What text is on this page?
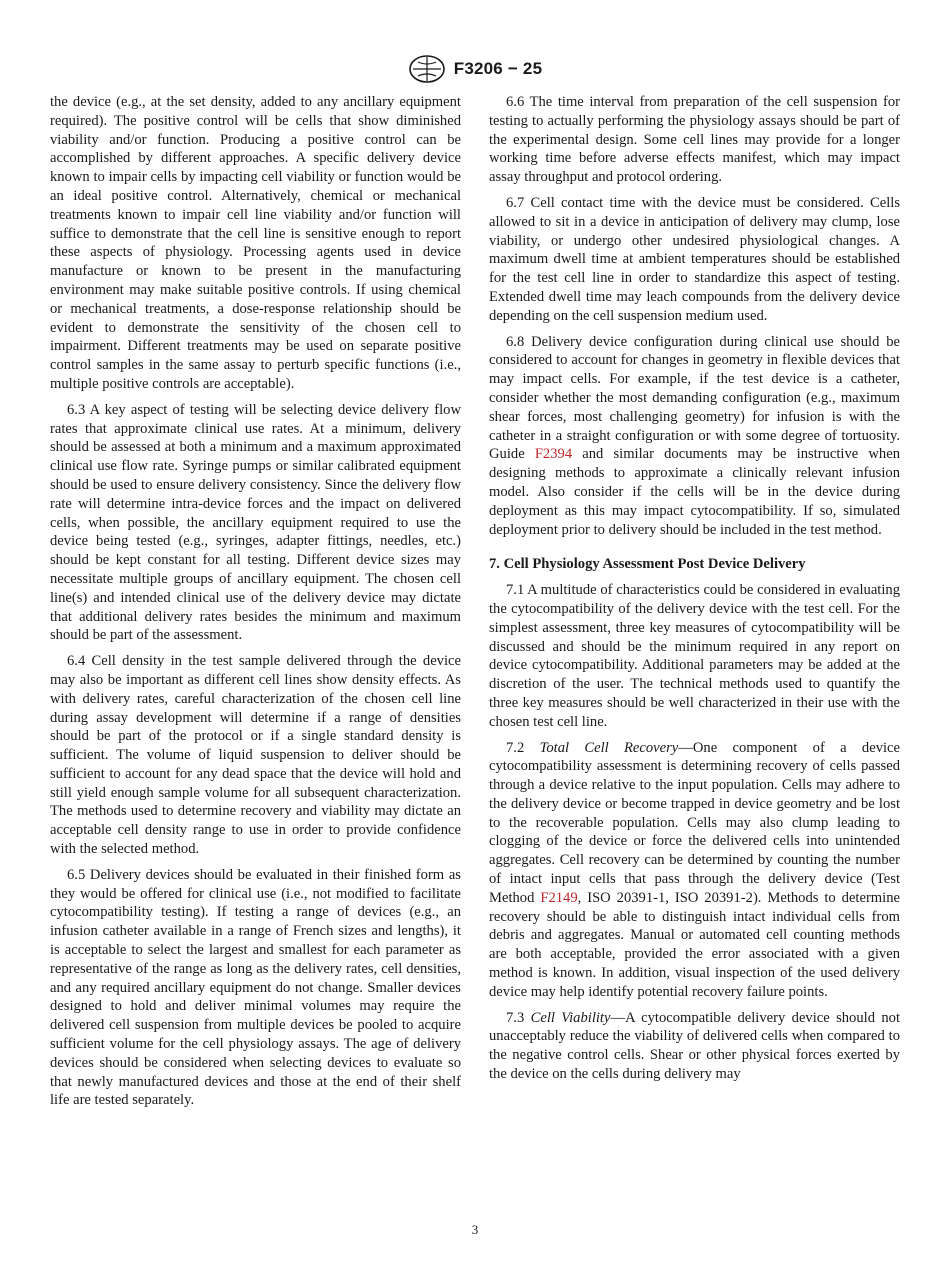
F3206 − 25

the device (e.g., at the set density, added to any ancillary equipment required). The positive control will be cells that show diminished viability and/or function. Producing a positive control can be accomplished by different approaches. A specific delivery device known to impair cells by impacting cell viability or function would be an ideal positive control. Alternatively, chemical or mechanical treatments known to impair cell line viability and/or function will suffice to demonstrate that the cell line is sensitive enough to report these aspects of physiology. Processing agents used in device manufacture or known to be present in the manufacturing environment may make suitable positive controls. If using chemical or mechanical treatments, a dose-response relationship should be evident to demonstrate the sensitivity of the chosen cell to impairment. Different treatments may be used on separate positive control samples in the same assay to perturb specific functions (i.e., multiple positive controls are acceptable).

6.3 A key aspect of testing will be selecting device delivery flow rates that approximate clinical use rates. At a minimum, delivery should be assessed at both a minimum and a maximum approximated clinical use flow rate. Syringe pumps or similar calibrated equipment should be used to ensure delivery consistency. Since the delivery flow rate will determine intra-device forces and the impact on delivered cells, when possible, the ancillary equipment required to use the device being tested (e.g., syringes, adapter fittings, needles, etc.) should be kept constant for all testing. Different device sizes may necessitate multiple groups of ancillary equipment. The chosen cell line(s) and intended clinical use of the delivery device may dictate that additional delivery rates besides the minimum and maximum should be part of the assessment.

6.4 Cell density in the test sample delivered through the device may also be important as different cell lines show density effects. As with delivery rates, careful characterization of the chosen cell line during assay development will determine if a range of densities should be part of the protocol or if a single standard density is sufficient. The volume of liquid suspension to deliver should be sufficient to account for any dead space that the device will hold and still yield enough sample volume for all subsequent characterization. The methods used to determine recovery and viability may dictate an acceptable cell density range to use in order to provide confidence with the selected method.

6.5 Delivery devices should be evaluated in their finished form as they would be offered for clinical use (i.e., not modified to facilitate cytocompatibility testing). If testing a range of devices (e.g., an infusion catheter available in a range of French sizes and lengths), it is acceptable to select the largest and smallest for each parameter as representative of the range as long as the delivery rates, cell densities, and any required ancillary equipment do not change. Smaller devices designed to hold and deliver minimal volumes may require the delivered cell suspension from multiple devices be pooled to acquire sufficient volume for the cell physiology assays. The age of delivery devices should be considered when selecting devices to evaluate so that newly manufactured devices and those at the end of their shelf life are tested separately.

6.6 The time interval from preparation of the cell suspension for testing to actually performing the physiology assays should be part of the experimental design. Some cell lines may provide for a longer working time before adverse effects manifest, which may impact assay throughput and protocol ordering.

6.7 Cell contact time with the device must be considered. Cells allowed to sit in a device in anticipation of delivery may clump, lose viability, or undergo other undesired physiological changes. A maximum dwell time at ambient temperatures should be established for the test cell line in order to standardize this aspect of testing. Extended dwell time may leach compounds from the delivery device depending on the cell suspension medium used.

6.8 Delivery device configuration during clinical use should be considered to account for changes in geometry in flexible devices that may impact cells. For example, if the test device is a catheter, consider whether the most demanding configuration (e.g., maximum shear forces, most challenging geometry) for infusion is with the catheter in a straight configuration or with some degree of tortuosity. Guide F2394 and similar documents may be instructive when designing methods to approximate a clinically relevant infusion model. Also consider if the cells will be in the device during deployment as this may impact cytocompatibility. If so, simulated deployment prior to delivery should be included in the test method.

7. Cell Physiology Assessment Post Device Delivery

7.1 A multitude of characteristics could be considered in evaluating the cytocompatibility of the delivery device with the test cell. For the simplest assessment, three key measures of cytocompatibility will be discussed and should be the minimum required in any report on device cytocompatibility. Additional parameters may be added at the discretion of the user. The technical methods used to quantify the three key measures should be well characterized in their use with the chosen test cell line.

7.2 Total Cell Recovery—One component of a device cytocompatibility assessment is determining recovery of cells passed through a device relative to the input population. Cells may adhere to the delivery device or become trapped in device geometry and be lost to the recoverable population. Cells may also clump leading to clogging of the device or force the delivered cells into unintended aggregates. Cell recovery can be determined by counting the number of intact input cells that pass through the delivery device (Test Method F2149, ISO 20391-1, ISO 20391-2). Methods to determine recovery should be able to distinguish intact individual cells from debris and aggregates. Manual or automated cell counting methods are both acceptable, provided the error associated with a given method is known. In addition, visual inspection of the used delivery device may help identify potential recovery failure points.

7.3 Cell Viability—A cytocompatible delivery device should not unacceptably reduce the viability of delivered cells when compared to the negative control cells. Shear or other physical forces exerted by the device on the cells during delivery may

3
